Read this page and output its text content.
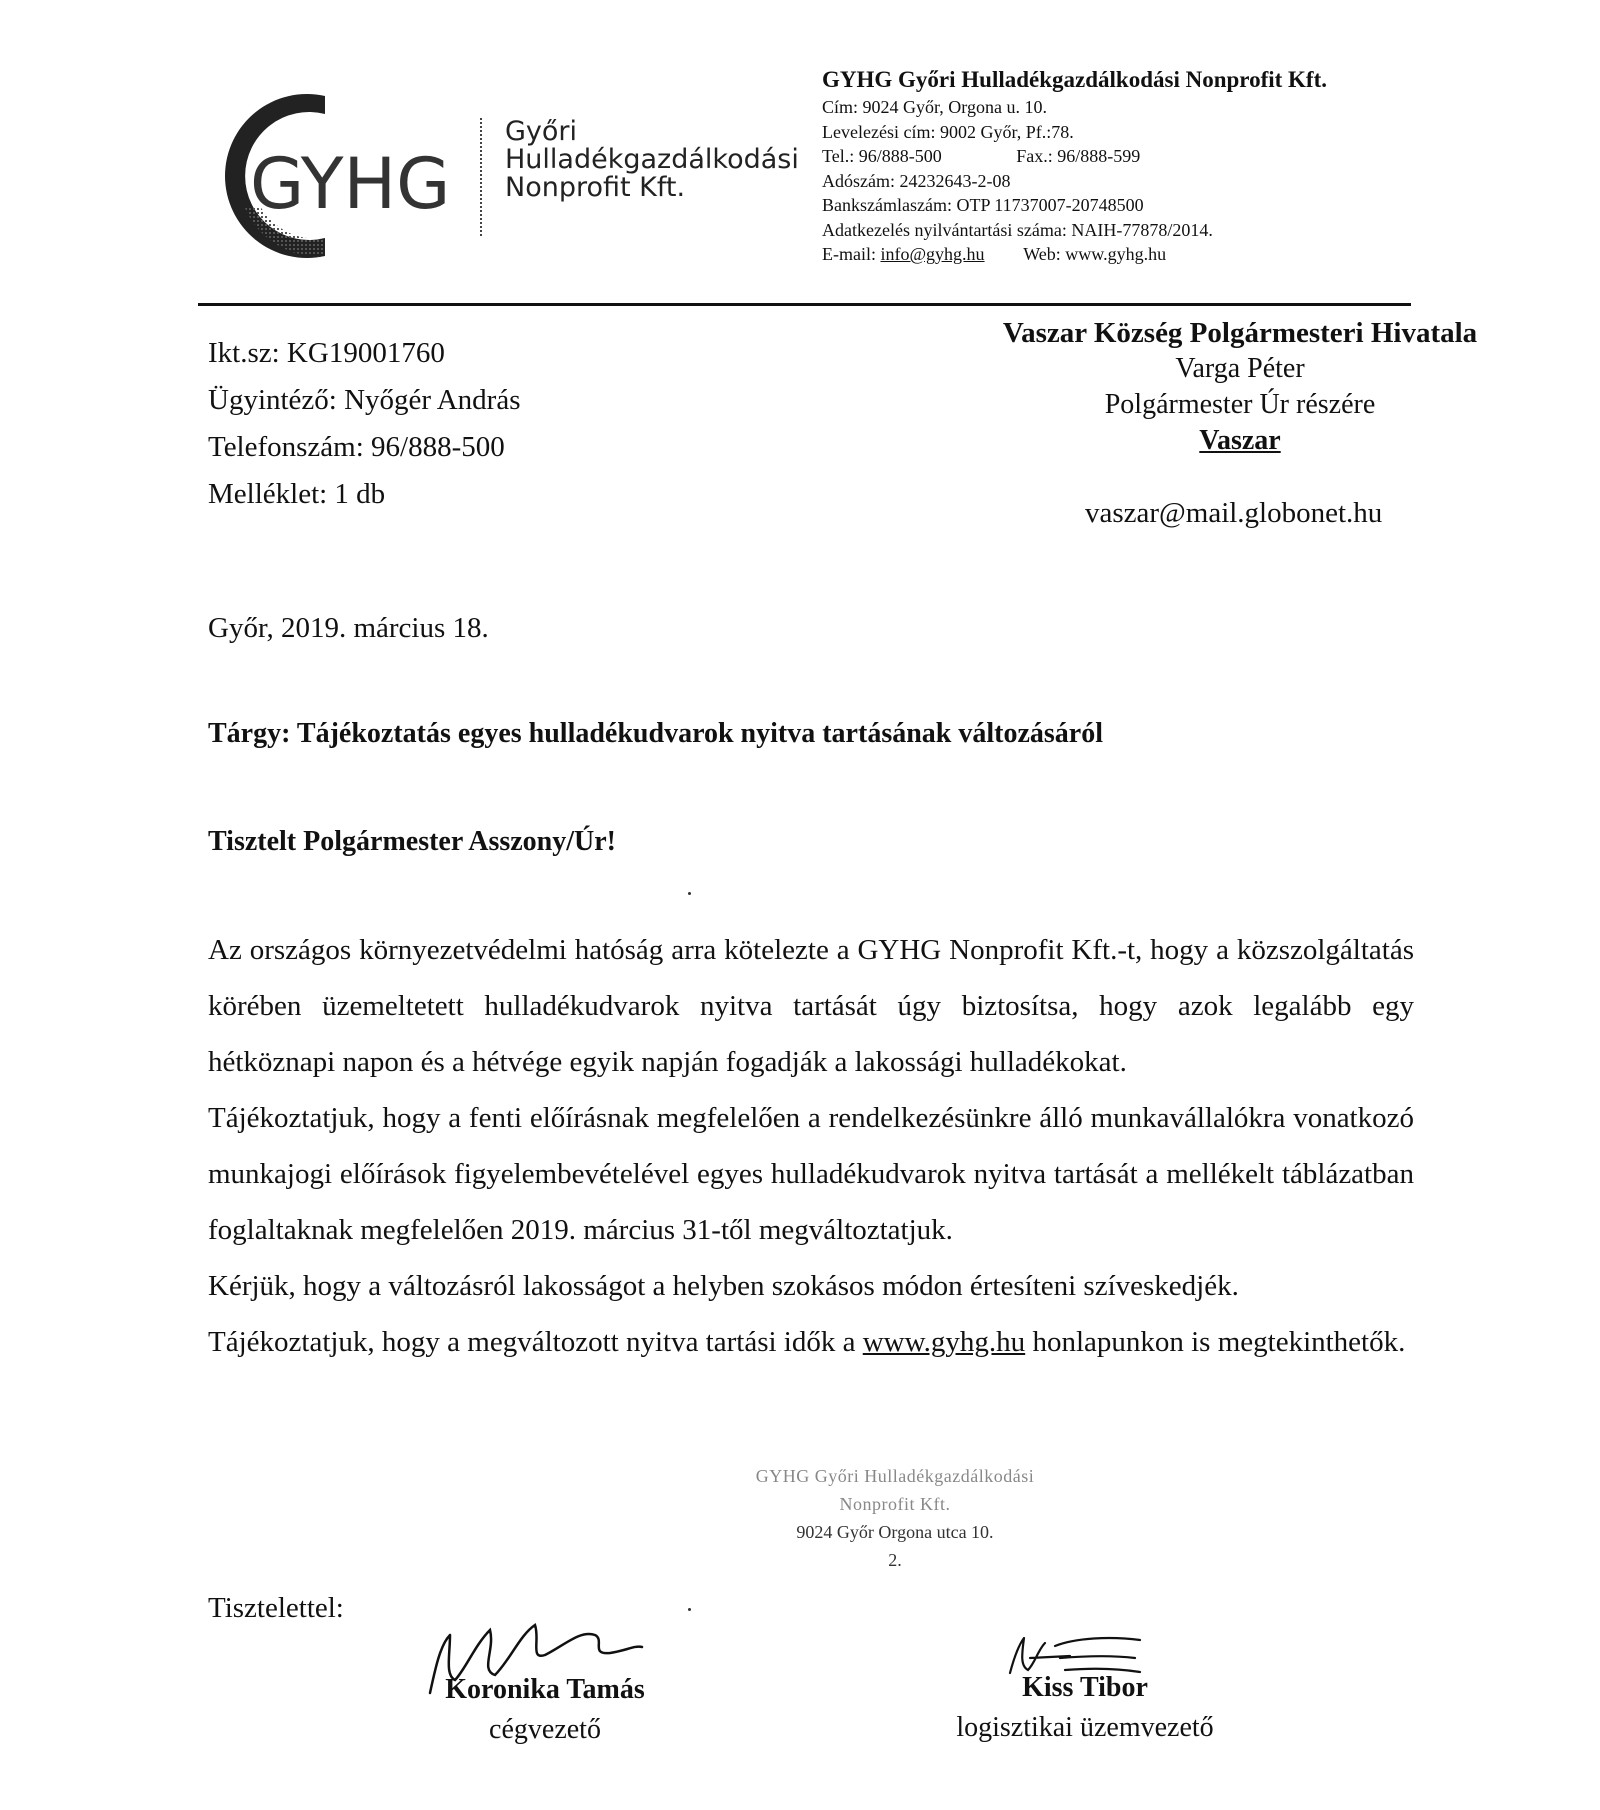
GYHG
Győri
Hulladékgazdálkodási
Nonprofit Kft.
GYHG Győri Hulladékgazdálkodási Nonprofit Kft.
Cím: 9024 Győr, Orgona u. 10.
Levelezési cím: 9002 Győr, Pf.:78.
Tel.: 96/888-500	Fax.: 96/888-599
Adószám: 24232643-2-08
Bankszámlaszám: OTP 11737007-20748500
Adatkezelés nyilvántartási száma: NAIH-77878/2014.
E-mail: info@gyhg.hu Web: www.gyhg.hu
Ikt.sz: KG19001760
Ügyintéző: Nyőgér András
Telefonszám: 96/888-500
Melléklet: 1 db
Vaszar Község Polgármesteri Hivatala
Varga Péter
Polgármester Úr részére
Vaszar
vaszar@mail.globonet.hu
Győr, 2019. március 18.
Tárgy: Tájékoztatás egyes hulladékudvarok nyitva tartásának változásáról
Tisztelt Polgármester Asszony/Úr!

Az országos környezetvédelmi hatóság arra kötelezte a GYHG Nonprofit Kft.-t, hogy a közszolgáltatás körében üzemeltetett hulladékudvarok nyitva tartását úgy biztosítsa, hogy azok legalább egy hétköznapi napon és a hétvége egyik napján fogadják a lakossági hulladékokat.

Tájékoztatjuk, hogy a fenti előírásnak megfelelően a rendelkezésünkre álló munkavállalókra vonatkozó munkajogi előírások figyelembevételével egyes hulladékudvarok nyitva tartását a mellékelt táblázatban foglaltaknak megfelelően 2019. március 31-től megváltoztatjuk.

Kérjük, hogy a változásról lakosságot a helyben szokásos módon értesíteni szíveskedjék.

Tájékoztatjuk, hogy a megváltozott nyitva tartási idők a www.gyhg.hu honlapunkon is megtekinthetők.

GYHG Győri Hulladékgazdálkodási
Nonprofit Kft.
9024 Győr Orgona utca 10.
2.
Tisztelettel:
Koronika Tamás
cégvezető
Kiss Tibor
logisztikai üzemvezető
